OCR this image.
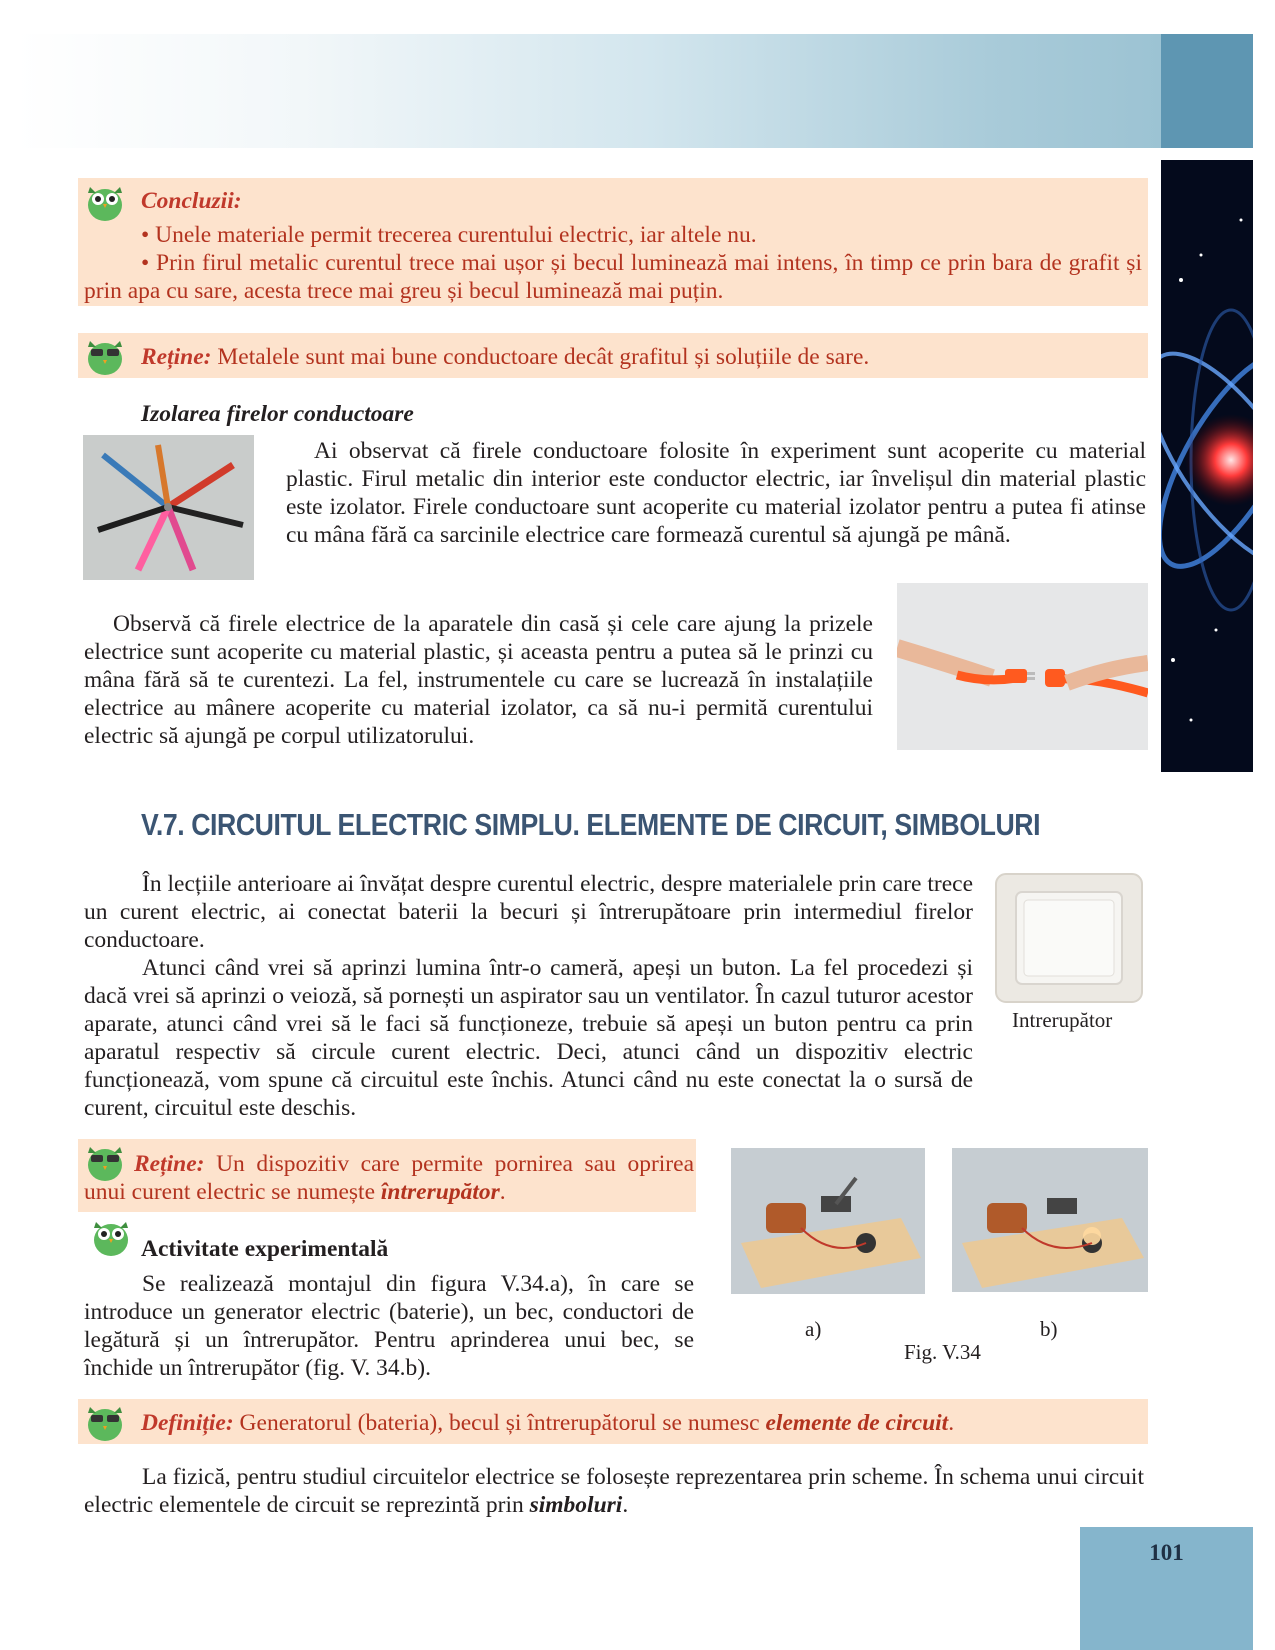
Concluzii:
• Unele materiale permit trecerea curentului electric, iar altele nu.
• Prin firul metalic curentul trece mai ușor și becul luminează mai intens, în timp ce prin bara de grafit și prin apa cu sare, acesta trece mai greu și becul luminează mai puțin.
Reține: Metalele sunt mai bune conductoare decât grafitul și soluțiile de sare.
Izolarea firelor conductoare
Ai observat că firele conductoare folosite în experiment sunt acoperite cu material plastic. Firul metalic din interior este conductor electric, iar învelișul din material plastic este izolator. Firele conductoare sunt acoperite cu material izolator pentru a putea fi atinse cu mâna fără ca sarcinile electrice care formează curentul să ajungă pe mână.
Observă că firele electrice de la aparatele din casă și cele care ajung la prizele electrice sunt acoperite cu material plastic, și aceasta pentru a putea să le prinzi cu mâna fără să te curentezi. La fel, instrumentele cu care se lucrează în instalațiile electrice au mânere acoperite cu material izolator, ca să nu-i permită curentului electric să ajungă pe corpul utilizatorului.
V.7. CIRCUITUL ELECTRIC SIMPLU. ELEMENTE DE CIRCUIT, SIMBOLURI
În lecțiile anterioare ai învățat despre curentul electric, despre materialele prin care trece un curent electric, ai conectat baterii la becuri și întrerupătoare prin intermediul firelor conductoare.
Atunci când vrei să aprinzi lumina într-o cameră, apeși un buton. La fel procedezi și dacă vrei să aprinzi o veioză, să pornești un aspirator sau un ventilator. În cazul tuturor acestor aparate, atunci când vrei să le faci să funcționeze, trebuie să apeși un buton pentru ca prin aparatul respectiv să circule curent electric. Deci, atunci când un dispozitiv electric funcționează, vom spune că circuitul este închis. Atunci când nu este conectat la o sursă de curent, circuitul este deschis.
Intrerupător
Reține: Un dispozitiv care permite pornirea sau oprirea unui curent electric se numește întrerupător.
Activitate experimentală
Se realizează montajul din figura V.34.a), în care se introduce un generator electric (baterie), un bec, conductori de legătură și un întrerupător. Pentru aprinderea unui bec, se închide un întrerupător (fig. V. 34.b).
a)	b)
Fig. V.34
Definiție: Generatorul (bateria), becul și întrerupătorul se numesc elemente de circuit.
La fizică, pentru studiul circuitelor electrice se folosește reprezentarea prin scheme. În schema unui circuit electric elementele de circuit se reprezintă prin simboluri.
101
